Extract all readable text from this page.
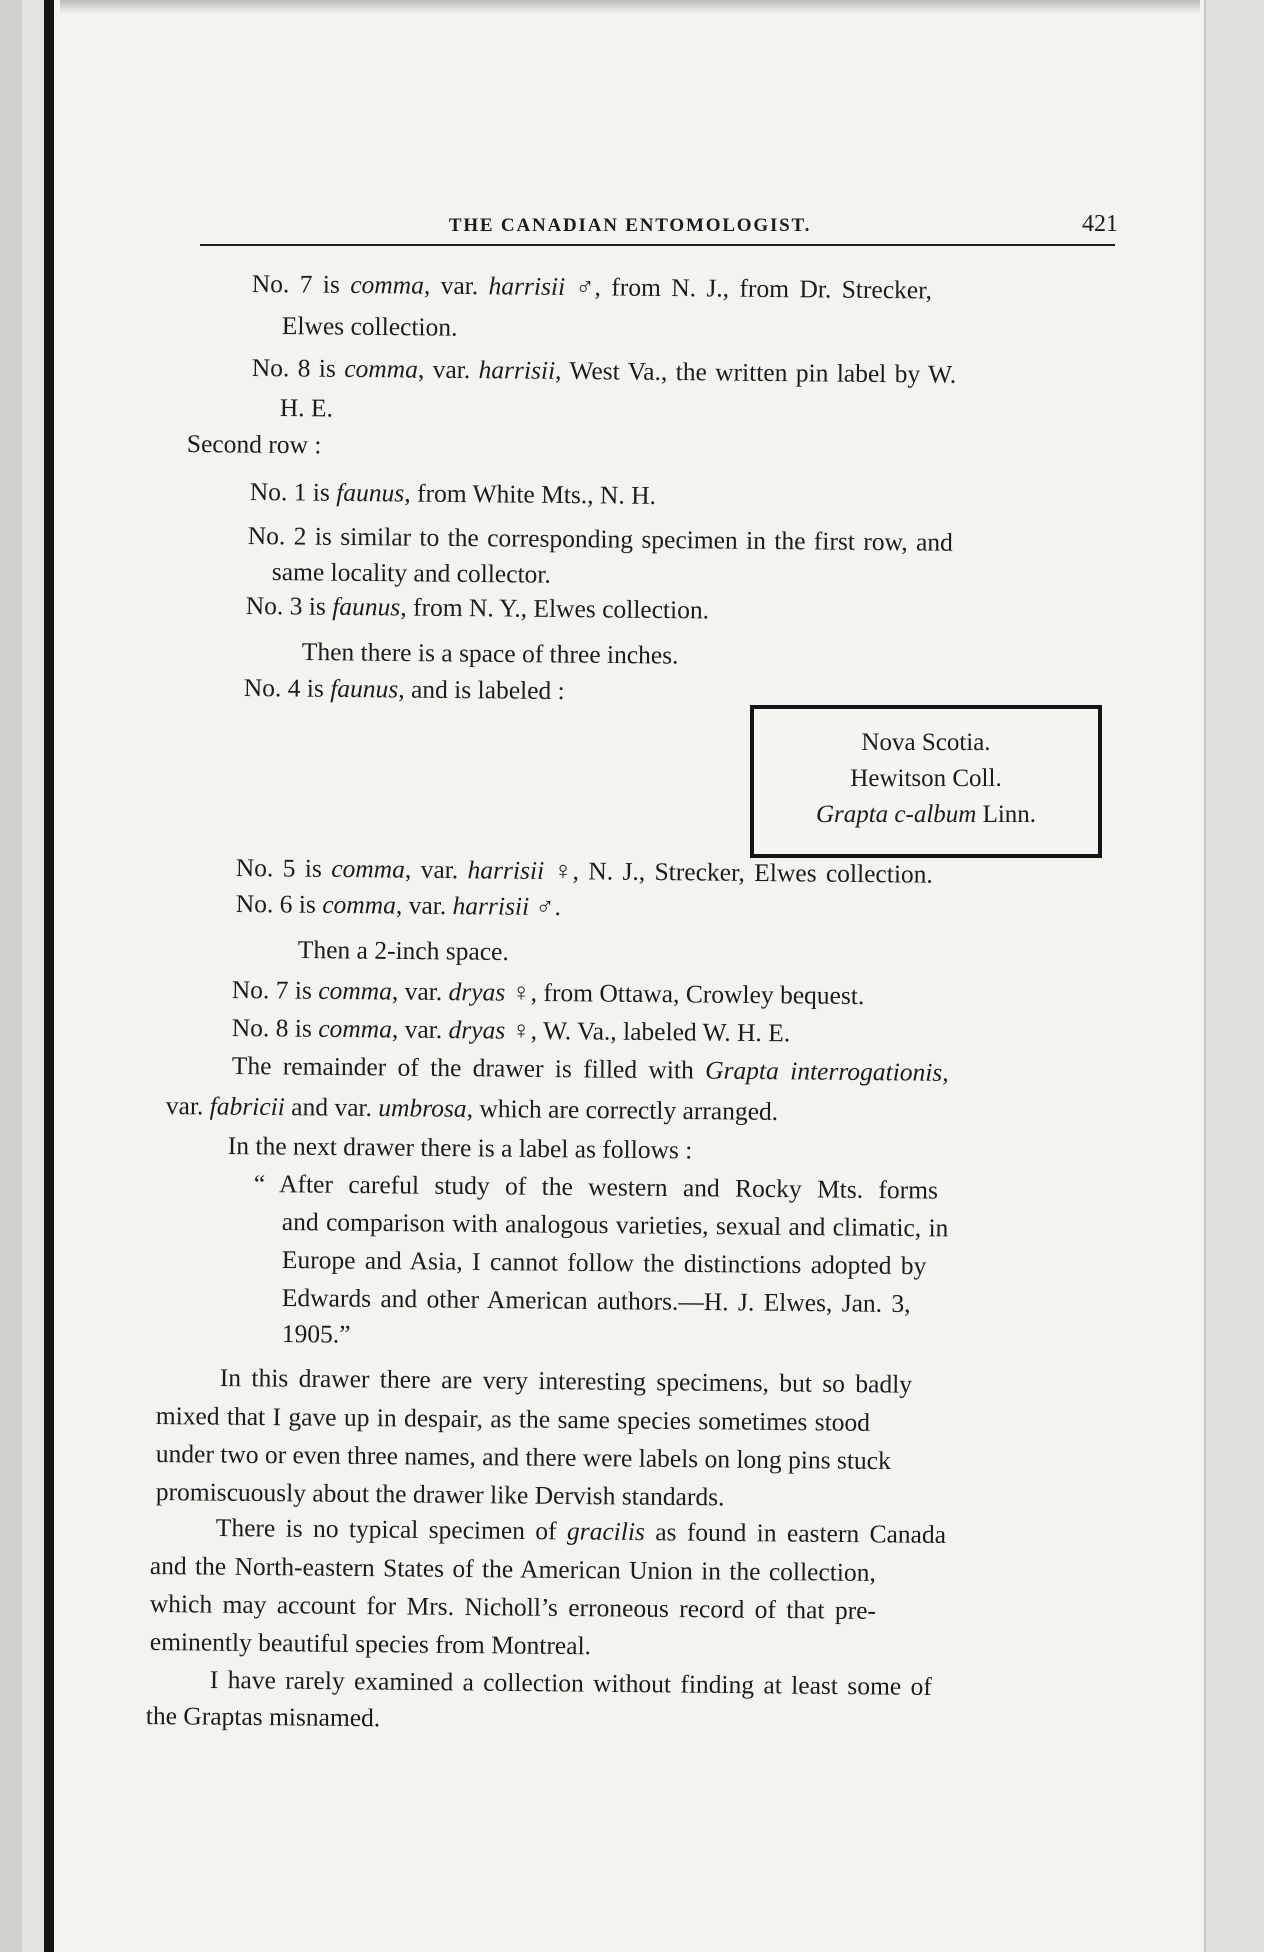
THE CANADIAN ENTOMOLOGIST.	421
No. 7 is comma, var. harrisii ♂, from N. J., from Dr. Strecker,
Elwes collection.
No. 8 is comma, var. harrisii, West Va., the written pin label by W.
H. E.
Second row :
No. 1 is faunus, from White Mts., N. H.
No. 2 is similar to the corresponding specimen in the first row, and
same locality and collector.
No. 3 is faunus, from N. Y., Elwes collection.
Then there is a space of three inches.
No. 4 is faunus, and is labeled :
Nova Scotia.
Hewitson Coll.
Grapta c-album Linn.
No. 5 is comma, var. harrisii ♀, N. J., Strecker, Elwes collection.
No. 6 is comma, var. harrisii ♂.
Then a 2-inch space.
No. 7 is comma, var. dryas ♀, from Ottawa, Crowley bequest.
No. 8 is comma, var. dryas ♀, W. Va., labeled W. H. E.
The remainder of the drawer is filled with Grapta interrogationis,
var. fabricii and var. umbrosa, which are correctly arranged.
In the next drawer there is a label as follows :
“ After careful study of the western and Rocky Mts. forms
and comparison with analogous varieties, sexual and climatic, in
Europe and Asia, I cannot follow the distinctions adopted by
Edwards and other American authors.—H. J. Elwes, Jan. 3,
1905.”
In this drawer there are very interesting specimens, but so badly
mixed that I gave up in despair, as the same species sometimes stood
under two or even three names, and there were labels on long pins stuck
promiscuously about the drawer like Dervish standards.
There is no typical specimen of gracilis as found in eastern Canada
and the North-eastern States of the American Union in the collection,
which may account for Mrs. Nicholl’s erroneous record of that pre-
eminently beautiful species from Montreal.
I have rarely examined a collection without finding at least some of
the Graptas misnamed.
